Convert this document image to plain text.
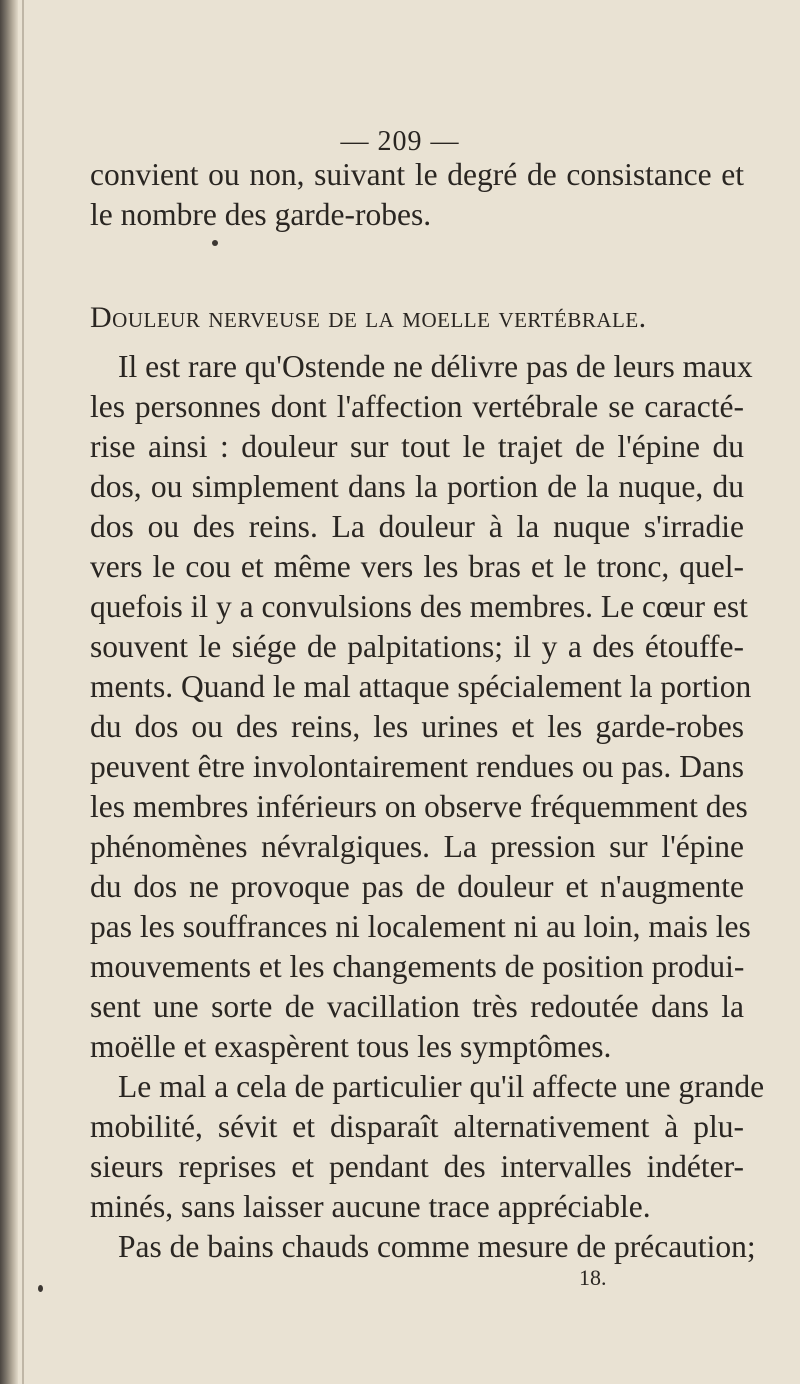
— 209 —
convient ou non, suivant le degré de consistance et
le nombre des garde-robes.
Douleur nerveuse de la moelle vertébrale.
Il est rare qu'Ostende ne délivre pas de leurs maux
les personnes dont l'affection vertébrale se caracté-
rise ainsi : douleur sur tout le trajet de l'épine du
dos, ou simplement dans la portion de la nuque, du
dos ou des reins. La douleur à la nuque s'irradie
vers le cou et même vers les bras et le tronc, quel-
quefois il y a convulsions des membres. Le cœur est
souvent le siége de palpitations; il y a des étouffe-
ments. Quand le mal attaque spécialement la portion
du dos ou des reins, les urines et les garde-robes
peuvent être involontairement rendues ou pas. Dans
les membres inférieurs on observe fréquemment des
phénomènes névralgiques. La pression sur l'épine
du dos ne provoque pas de douleur et n'augmente
pas les souffrances ni localement ni au loin, mais les
mouvements et les changements de position produi-
sent une sorte de vacillation très redoutée dans la
moëlle et exaspèrent tous les symptômes.
Le mal a cela de particulier qu'il affecte une grande
mobilité, sévit et disparaît alternativement à plu-
sieurs reprises et pendant des intervalles indéter-
minés, sans laisser aucune trace appréciable.
Pas de bains chauds comme mesure de précaution;
18.
